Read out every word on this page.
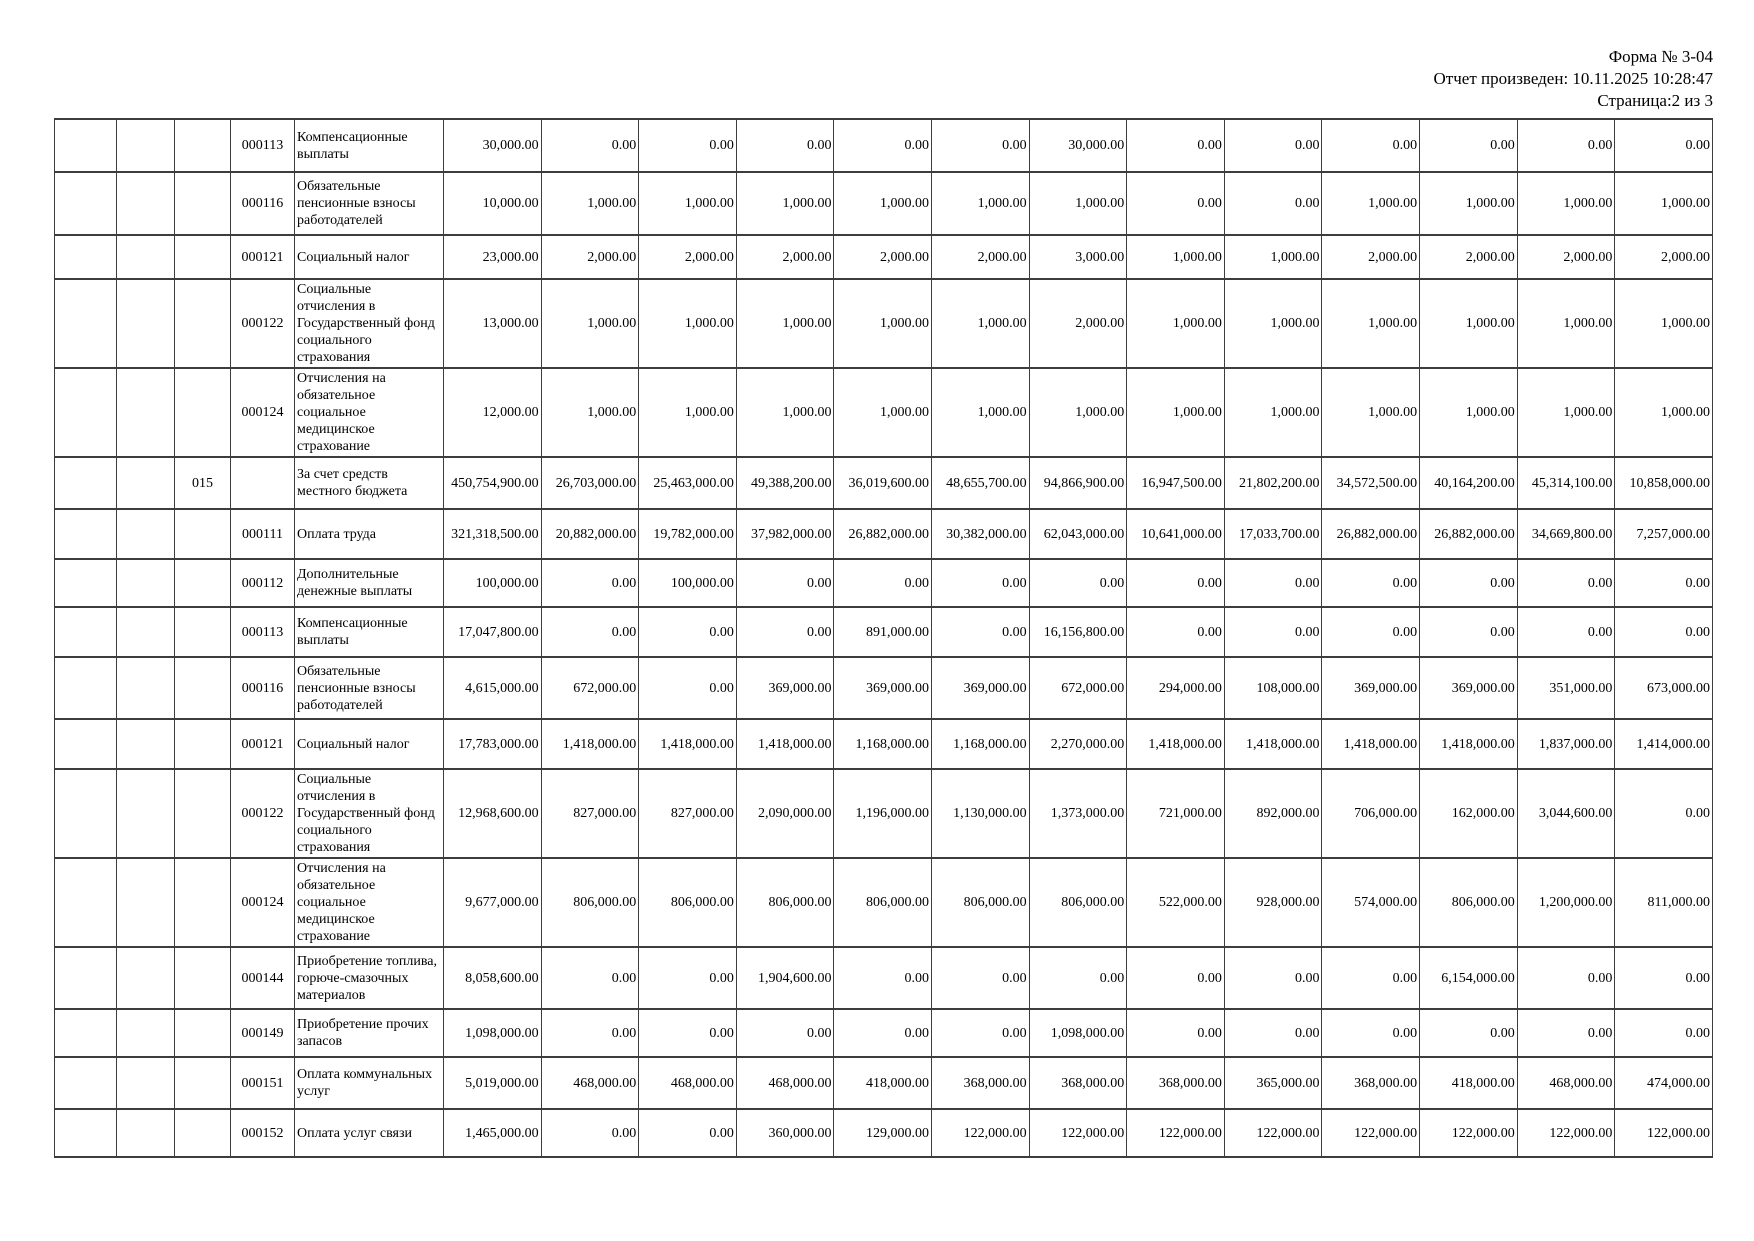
Форма № 3-04
Отчет произведен: 10.11.2025 10:28:47
Страница:2 из 3
			000113	Компенсационные выплаты	30,000.00	0.00	0.00	0.00	0.00	0.00	30,000.00	0.00	0.00	0.00	0.00	0.00	0.00
			000116	Обязательные пенсионные взносы работодателей	10,000.00	1,000.00	1,000.00	1,000.00	1,000.00	1,000.00	1,000.00	0.00	0.00	1,000.00	1,000.00	1,000.00	1,000.00
			000121	Социальный налог	23,000.00	2,000.00	2,000.00	2,000.00	2,000.00	2,000.00	3,000.00	1,000.00	1,000.00	2,000.00	2,000.00	2,000.00	2,000.00
			000122	Социальные отчисления в Государственный фонд социального страхования	13,000.00	1,000.00	1,000.00	1,000.00	1,000.00	1,000.00	2,000.00	1,000.00	1,000.00	1,000.00	1,000.00	1,000.00	1,000.00
			000124	Отчисления на обязательное социальное медицинское страхование	12,000.00	1,000.00	1,000.00	1,000.00	1,000.00	1,000.00	1,000.00	1,000.00	1,000.00	1,000.00	1,000.00	1,000.00	1,000.00
		015		За счет средств местного бюджета	450,754,900.00	26,703,000.00	25,463,000.00	49,388,200.00	36,019,600.00	48,655,700.00	94,866,900.00	16,947,500.00	21,802,200.00	34,572,500.00	40,164,200.00	45,314,100.00	10,858,000.00
			000111	Оплата труда	321,318,500.00	20,882,000.00	19,782,000.00	37,982,000.00	26,882,000.00	30,382,000.00	62,043,000.00	10,641,000.00	17,033,700.00	26,882,000.00	26,882,000.00	34,669,800.00	7,257,000.00
			000112	Дополнительные денежные выплаты	100,000.00	0.00	100,000.00	0.00	0.00	0.00	0.00	0.00	0.00	0.00	0.00	0.00	0.00
			000113	Компенсационные выплаты	17,047,800.00	0.00	0.00	0.00	891,000.00	0.00	16,156,800.00	0.00	0.00	0.00	0.00	0.00	0.00
			000116	Обязательные пенсионные взносы работодателей	4,615,000.00	672,000.00	0.00	369,000.00	369,000.00	369,000.00	672,000.00	294,000.00	108,000.00	369,000.00	369,000.00	351,000.00	673,000.00
			000121	Социальный налог	17,783,000.00	1,418,000.00	1,418,000.00	1,418,000.00	1,168,000.00	1,168,000.00	2,270,000.00	1,418,000.00	1,418,000.00	1,418,000.00	1,418,000.00	1,837,000.00	1,414,000.00
			000122	Социальные отчисления в Государственный фонд социального страхования	12,968,600.00	827,000.00	827,000.00	2,090,000.00	1,196,000.00	1,130,000.00	1,373,000.00	721,000.00	892,000.00	706,000.00	162,000.00	3,044,600.00	0.00
			000124	Отчисления на обязательное социальное медицинское страхование	9,677,000.00	806,000.00	806,000.00	806,000.00	806,000.00	806,000.00	806,000.00	522,000.00	928,000.00	574,000.00	806,000.00	1,200,000.00	811,000.00
			000144	Приобретение топлива, горюче-смазочных материалов	8,058,600.00	0.00	0.00	1,904,600.00	0.00	0.00	0.00	0.00	0.00	0.00	6,154,000.00	0.00	0.00
			000149	Приобретение прочих запасов	1,098,000.00	0.00	0.00	0.00	0.00	0.00	1,098,000.00	0.00	0.00	0.00	0.00	0.00	0.00
			000151	Оплата коммунальных услуг	5,019,000.00	468,000.00	468,000.00	468,000.00	418,000.00	368,000.00	368,000.00	368,000.00	365,000.00	368,000.00	418,000.00	468,000.00	474,000.00
			000152	Оплата услуг связи	1,465,000.00	0.00	0.00	360,000.00	129,000.00	122,000.00	122,000.00	122,000.00	122,000.00	122,000.00	122,000.00	122,000.00	122,000.00
